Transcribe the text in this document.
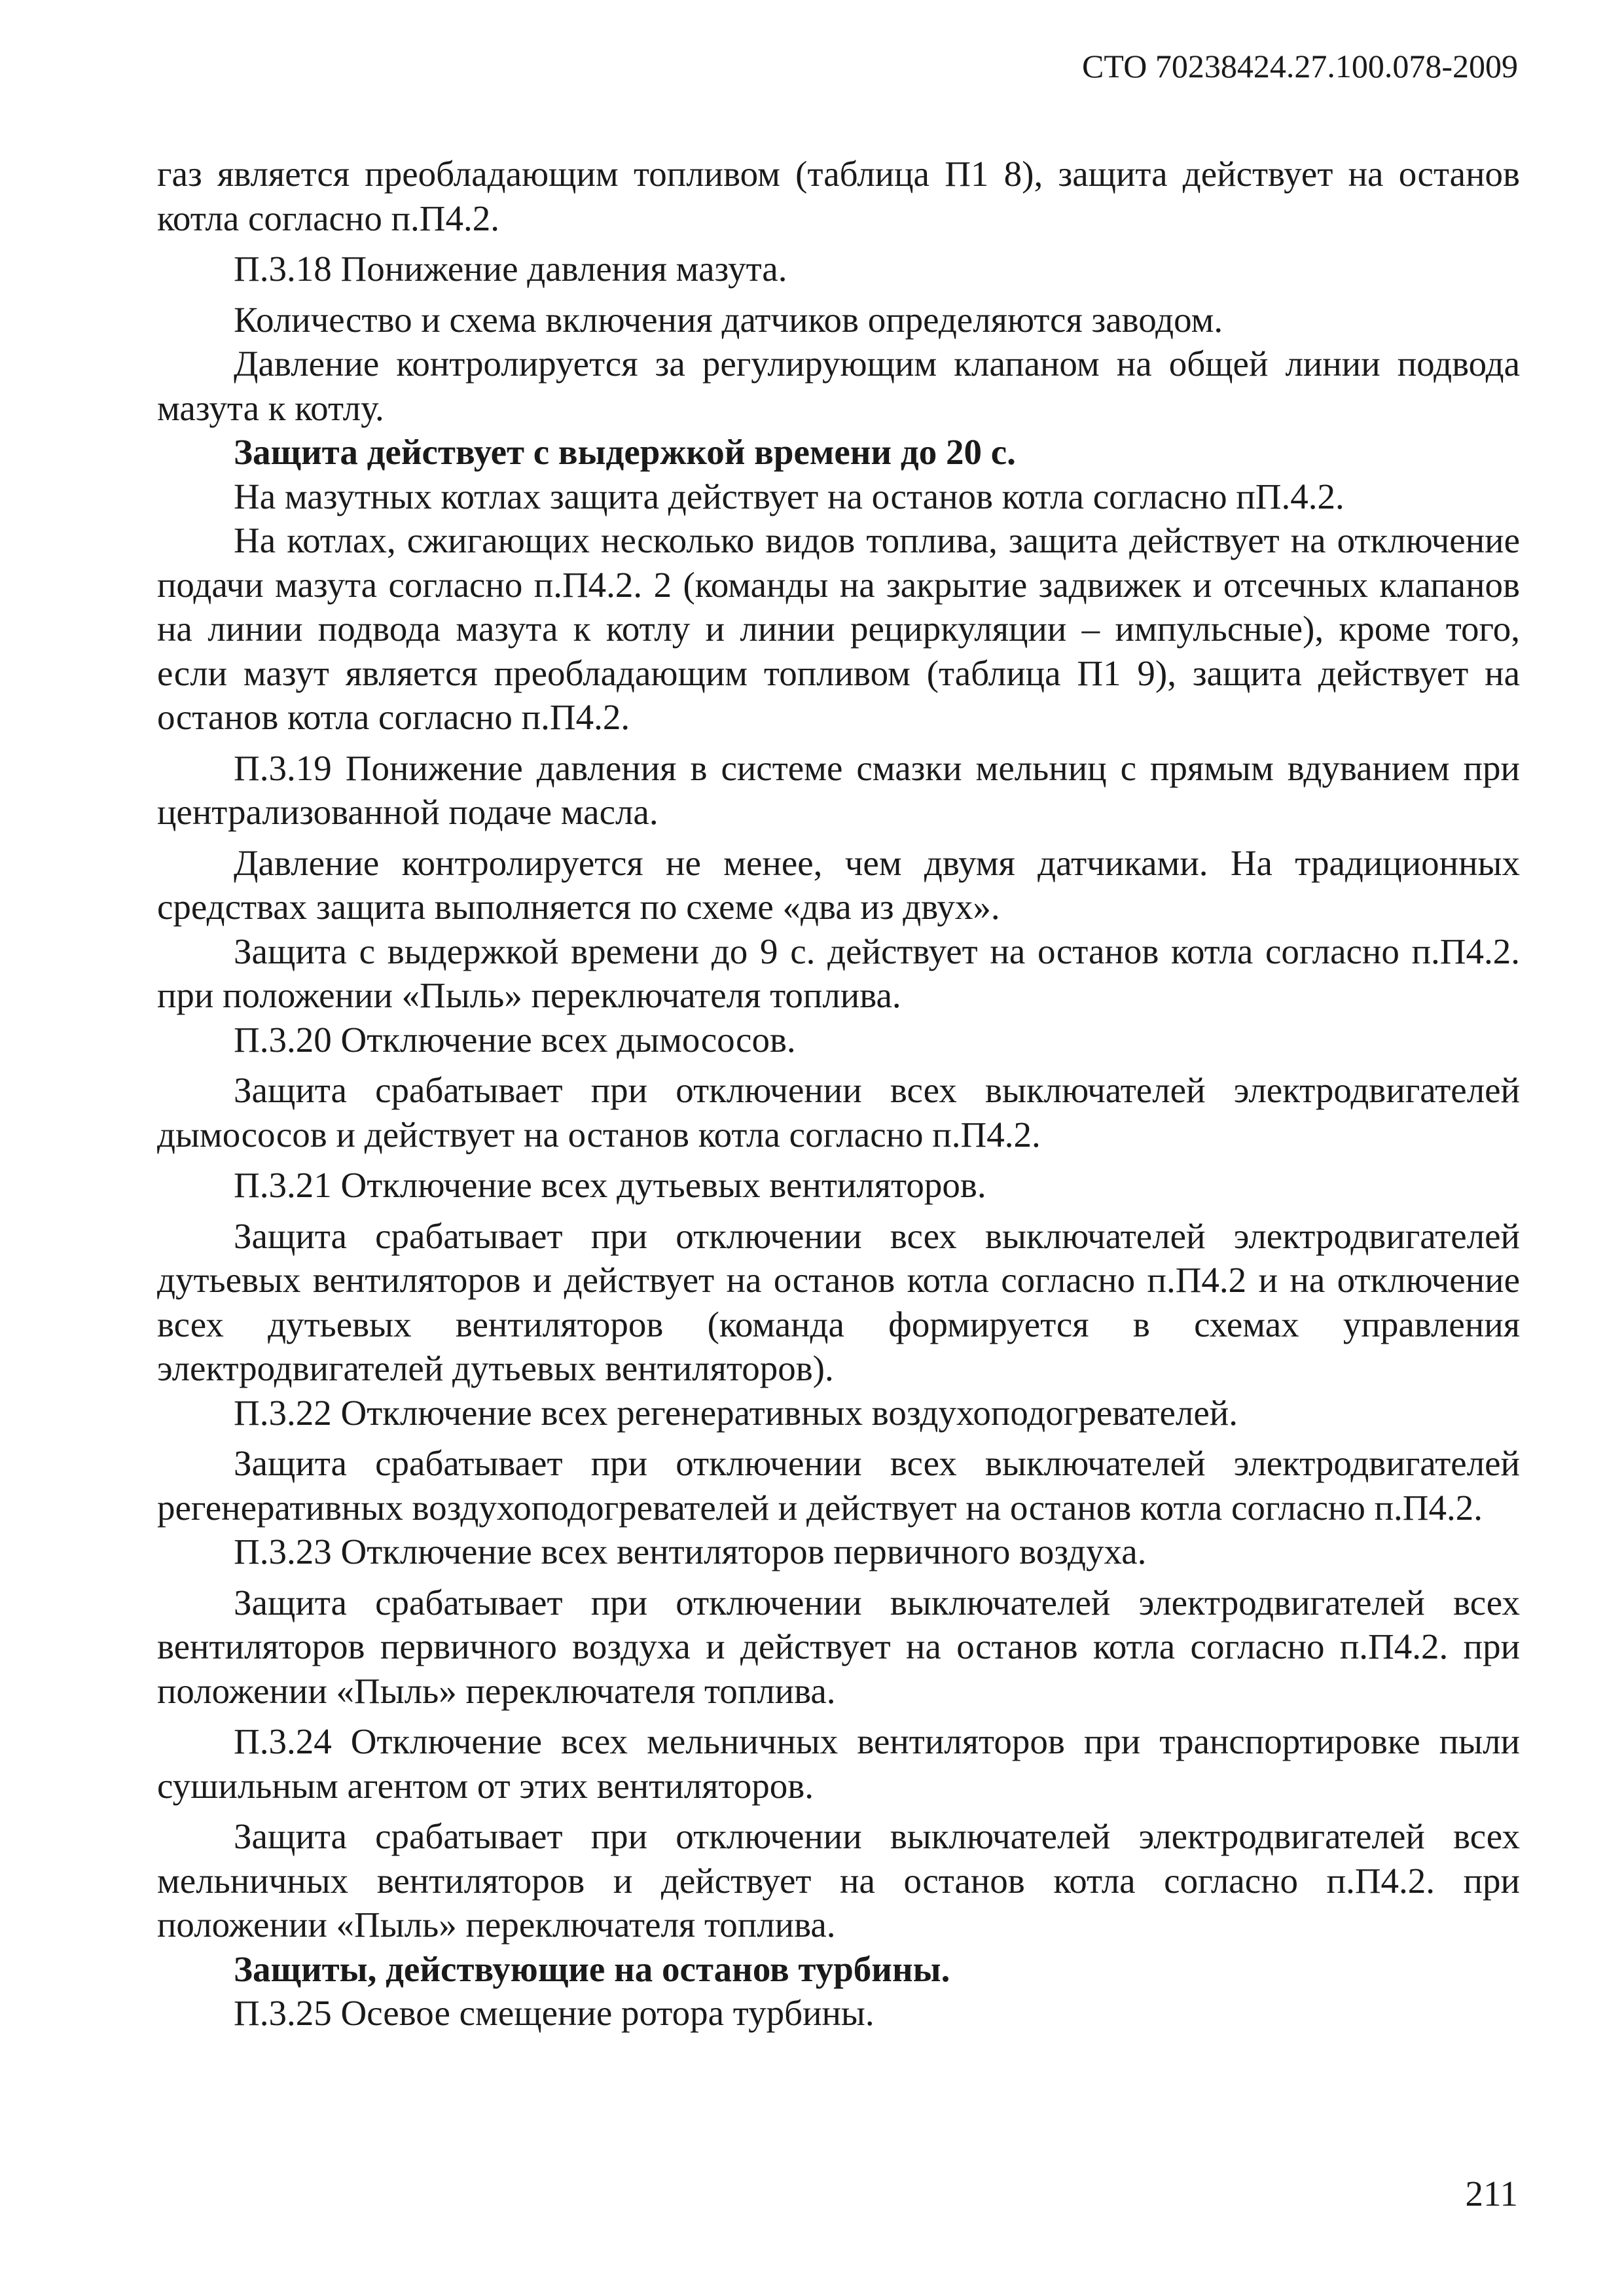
СТО 70238424.27.100.078-2009

газ является преобладающим топливом (таблица П1 8), защита действует на останов котла согласно п.П4.2.

П.3.18 Понижение давления мазута.

Количество и схема включения датчиков определяются заводом.

Давление контролируется за регулирующим клапаном на общей линии подвода мазута к котлу.

Защита действует с выдержкой времени до 20 с.

На мазутных котлах защита действует на останов котла согласно пП.4.2.

На котлах, сжигающих несколько видов топлива, защита действует на отключение подачи мазута согласно п.П4.2. 2 (команды на закрытие задвижек и отсечных клапанов на линии подвода мазута к котлу и линии рециркуляции – импульсные), кроме того, если мазут является преобладающим топливом (таблица П1 9), защита действует на останов котла согласно п.П4.2.

П.3.19 Понижение давления в системе смазки мельниц с прямым вдуванием при централизованной подаче масла.

Давление контролируется не менее, чем двумя датчиками. На традиционных средствах защита выполняется по схеме «два из двух».

Защита с выдержкой времени до 9 с. действует на останов котла согласно п.П4.2. при положении «Пыль» переключателя топлива.

П.3.20 Отключение всех дымососов.

Защита срабатывает при отключении всех выключателей электродвигателей дымососов и действует на останов котла согласно п.П4.2.

П.3.21 Отключение всех дутьевых вентиляторов.

Защита срабатывает при отключении всех выключателей электродвигателей дутьевых вентиляторов и действует на останов котла согласно п.П4.2 и на отключение всех дутьевых вентиляторов (команда формируется в схемах управления электродвигателей дутьевых вентиляторов).

П.3.22 Отключение всех регенеративных воздухоподогревателей.

Защита срабатывает при отключении всех выключателей электродвигателей регенеративных воздухоподогревателей и действует на останов котла согласно п.П4.2.

П.3.23 Отключение всех вентиляторов первичного воздуха.

Защита срабатывает при отключении выключателей электродвигателей всех вентиляторов первичного воздуха и действует на останов котла согласно п.П4.2. при положении «Пыль» переключателя топлива.

П.3.24 Отключение всех мельничных вентиляторов при транспортировке пыли сушильным агентом от этих вентиляторов.

Защита срабатывает при отключении выключателей электродвигателей всех мельничных вентиляторов и действует на останов котла согласно п.П4.2. при положении «Пыль» переключателя топлива.

Защиты, действующие на останов турбины.

П.3.25 Осевое смещение ротора турбины.

211
